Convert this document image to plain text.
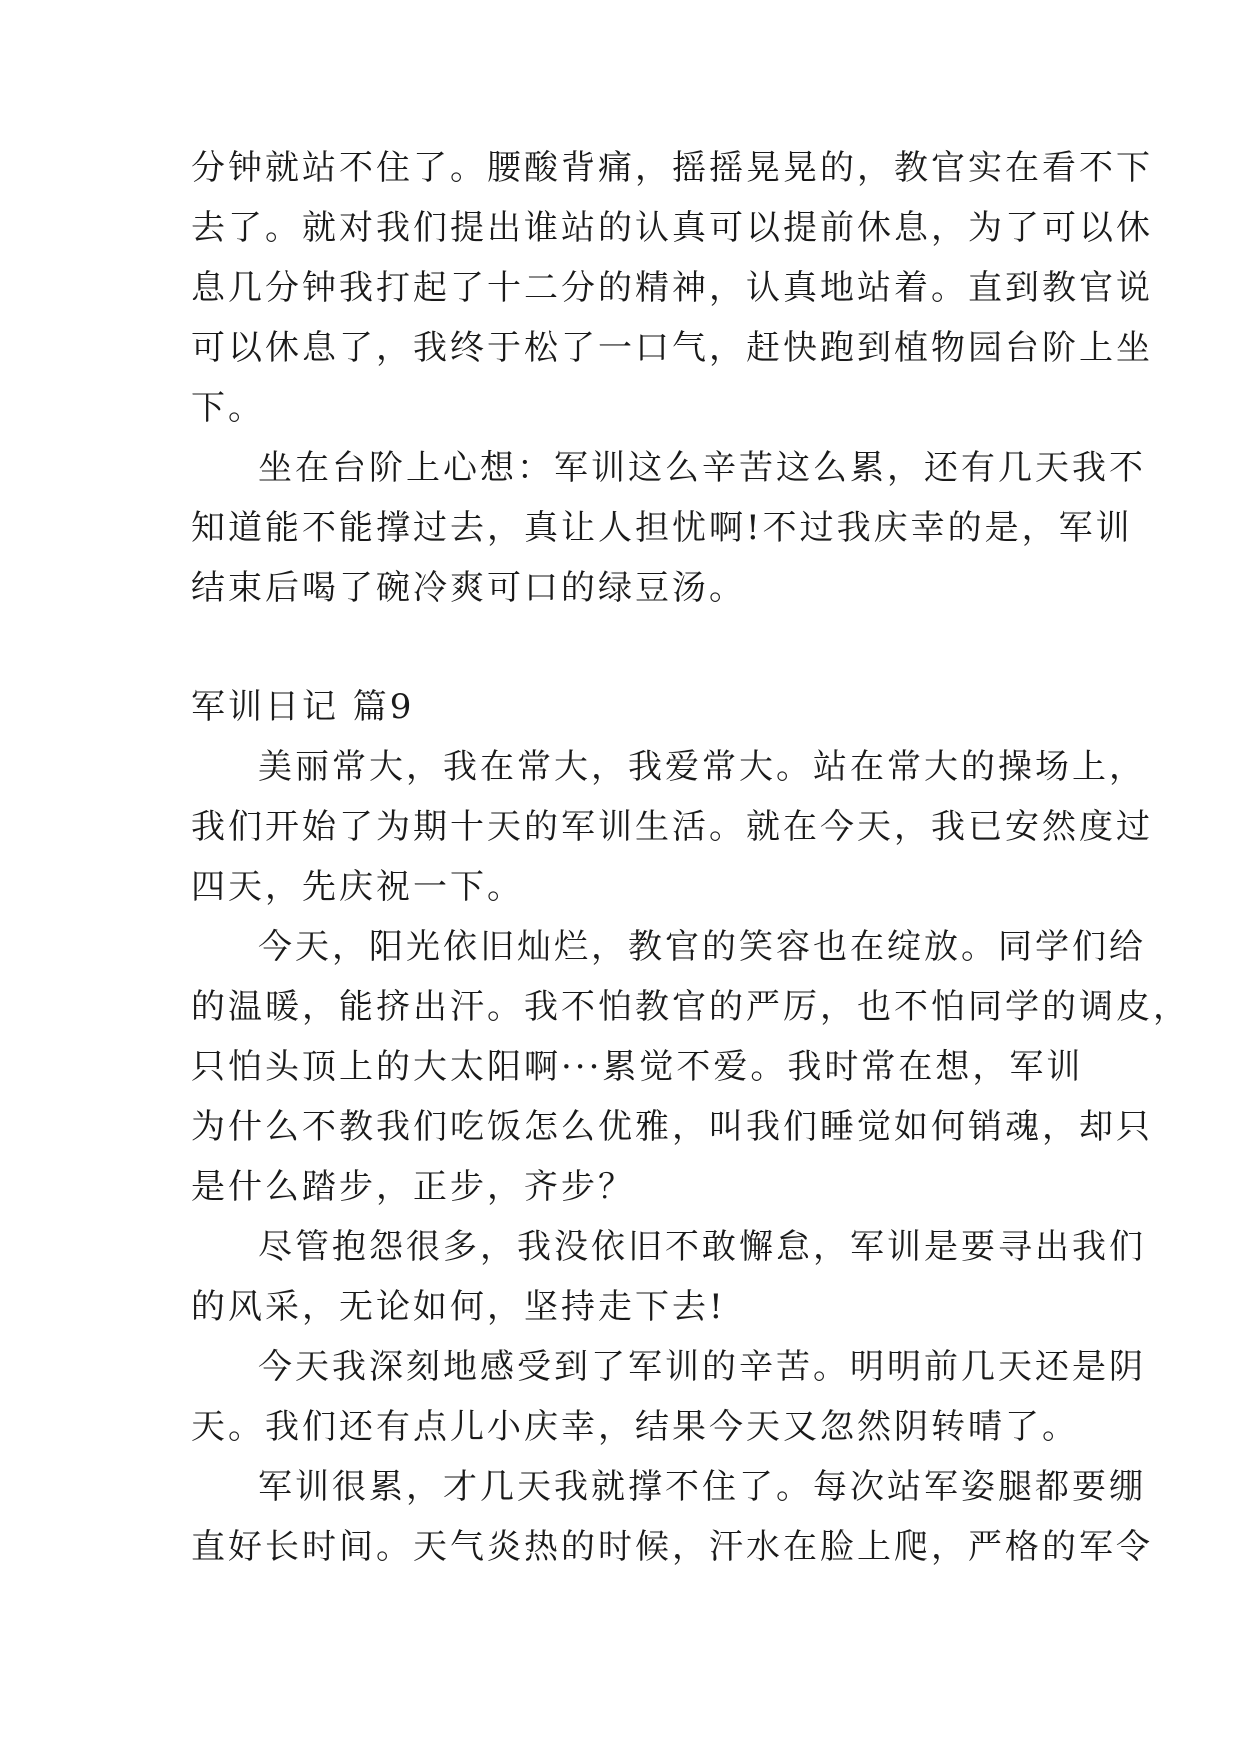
分钟就站不住了。腰酸背痛，摇摇晃晃的，教官实在看不下
去了。就对我们提出谁站的认真可以提前休息，为了可以休
息几分钟我打起了十二分的精神，认真地站着。直到教官说
可以休息了，我终于松了一口气，赶快跑到植物园台阶上坐
下。
坐在台阶上心想：军训这么辛苦这么累，还有几天我不
知道能不能撑过去，真让人担忧啊!不过我庆幸的是，军训
结束后喝了碗冷爽可口的绿豆汤。
军训日记 篇9
美丽常大，我在常大，我爱常大。站在常大的操场上，
我们开始了为期十天的军训生活。就在今天，我已安然度过
四天，先庆祝一下。
今天，阳光依旧灿烂，教官的笑容也在绽放。同学们给
的温暖，能挤出汗。我不怕教官的严厉，也不怕同学的调皮，
只怕头顶上的大太阳啊···累觉不爱。我时常在想，军训
为什么不教我们吃饭怎么优雅，叫我们睡觉如何销魂，却只
是什么踏步，正步，齐步？
尽管抱怨很多，我没依旧不敢懈怠，军训是要寻出我们
的风采，无论如何，坚持走下去!
今天我深刻地感受到了军训的辛苦。明明前几天还是阴
天。我们还有点儿小庆幸，结果今天又忽然阴转晴了。
军训很累，才几天我就撑不住了。每次站军姿腿都要绷
直好长时间。天气炎热的时候，汗水在脸上爬，严格的军令
